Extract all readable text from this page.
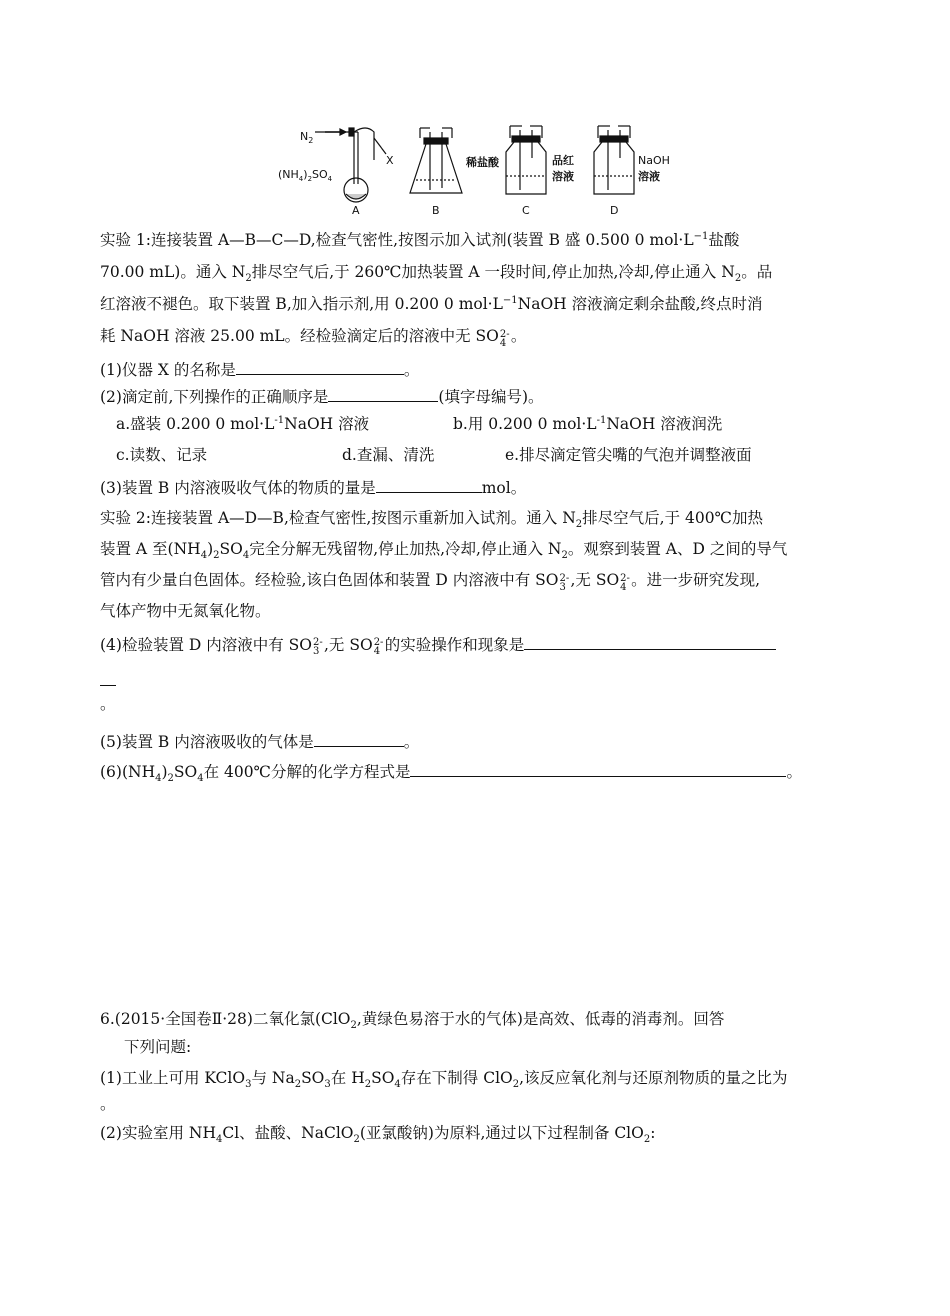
$N_2$
X
$(NH_4)_2SO_4$
稀盐酸	品红
溶液
NaOH
溶液
A	B	C	D
实验 1:连接装置 A—B—C—D,检查气密性,按图示加入试剂(装置 B 盛 0.500 0 $mol\cdot L^{-1}$盐酸
70.00 mL)。通入 $N_2$排尽空气后,于 260℃加热装置 A 一段时间,停止加热,冷却,停止通入 $N_2$。品
红溶液不褪色。取下装置 B,加入指示剂,用 0.200 0 $mol\cdot L^{-1}NaOH$ 溶液滴定剩余盐酸,终点时消
耗 NaOH 溶液 25.00 mL。经检验滴定后的溶液中无 SO 2-
4 。
(1)仪器 X 的名称是	。
(2)滴定前,下列操作的正确顺序是	(填字母编号)。
a.盛装 0.200 0 $mol\cdot L^{-1}NaOH$ 溶液	b.用 0.200 0 $mol\cdot L^{-1}NaOH$ 溶液润洗
c.读数、记录	d.查漏、清洗	e.排尽滴定管尖嘴的气泡并调整液面
(3)装置 B 内溶液吸收气体的物质的量是	mol。
实验 2:连接装置 A—D—B,检查气密性,按图示重新加入试剂。通入 $N_2$排尽空气后,于 400℃加热
装置 A 至$(NH_4)_2SO_4$完全分解无残留物,停止加热,冷却,停止通入 $N_2$。观察到装置 A、D 之间的导气
管内有少量白色固体。经检验,该白色固体和装置 D 内溶液中有 SO 2-
3 ,无 SO 2-
4 。进一步研究发现,
气体产物中无氮氧化物。
(4)检验装置 D 内溶液中有 SO 2-
3 ,无 SO 2-
4 的实验操作和现象是
。
(5)装置 B 内溶液吸收的气体是	。
$(6)(NH_4)_2SO_4$在 400℃分解的化学方程式是	。
6.(2015·全国卷Ⅱ·28)二氧化氯(ClO$_2$,黄绿色易溶于水的气体)是高效、低毒的消毒剂。回答
下列问题:
(1)工业上可用 KClO$_3$与 $Na_2SO_3$在 $H_2SO_4$存在下制得 ClO$_2$,该反应氧化剂与还原剂物质的量之比为
。
(2)实验室用 $NH_4Cl$、盐酸、NaClO$_2$(亚氯酸钠)为原料,通过以下过程制备 ClO$_2$:
